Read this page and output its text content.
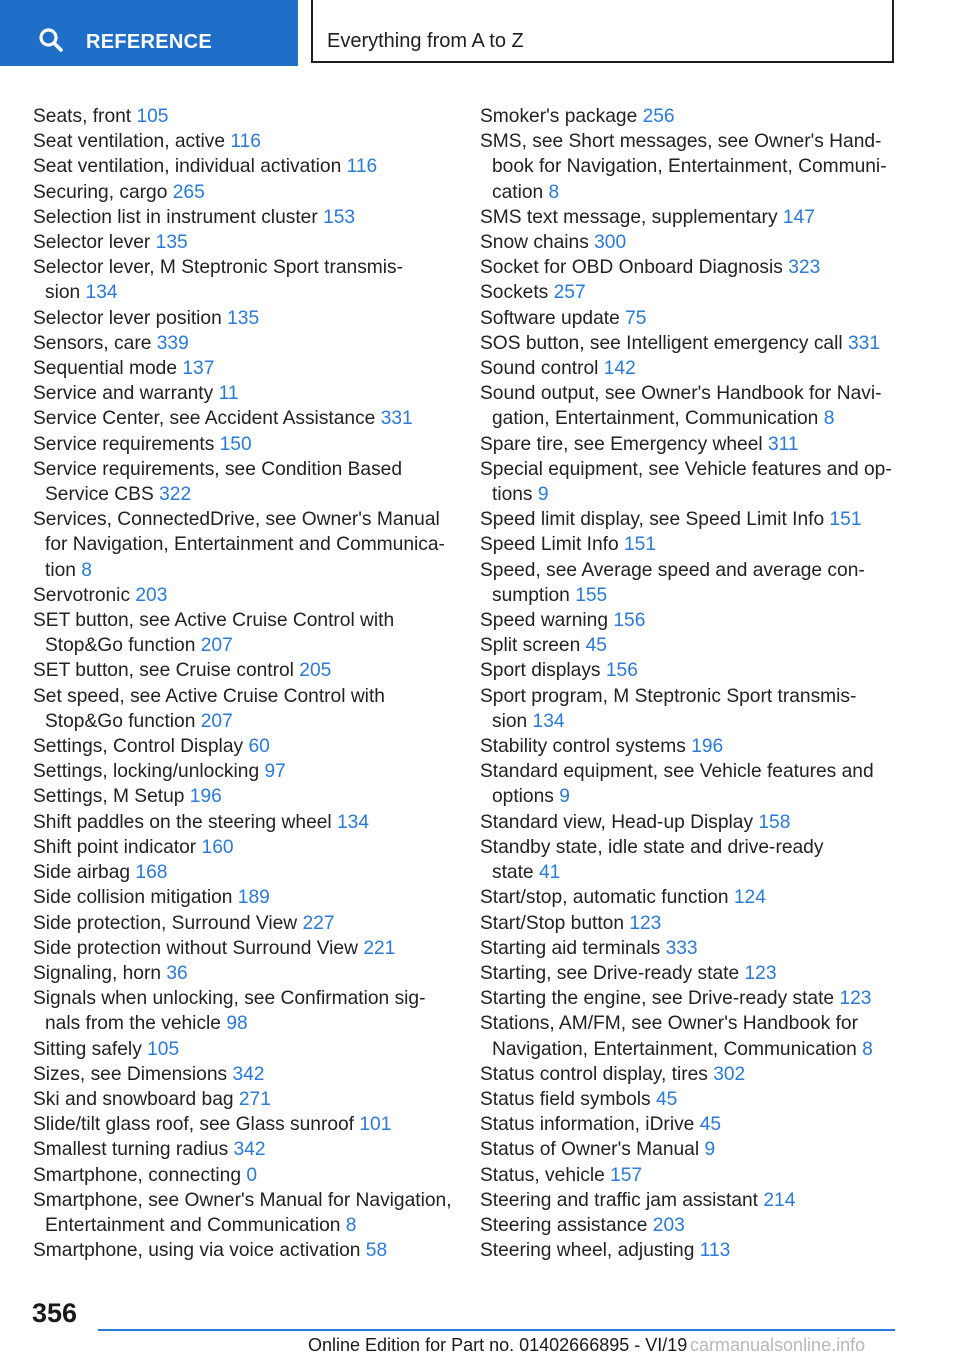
REFERENCE	Everything from A to Z
Seats, front 105
Seat ventilation, active 116
Seat ventilation, individual activation 116
Securing, cargo 265
Selection list in instrument cluster 153
Selector lever 135
Selector lever, M Steptronic Sport transmis-
sion 134
Selector lever position 135
Sensors, care 339
Sequential mode 137
Service and warranty 11
Service Center, see Accident Assistance 331
Service requirements 150
Service requirements, see Condition Based
Service CBS 322
Services, ConnectedDrive, see Owner's Manual
for Navigation, Entertainment and Communica-
tion 8
Servotronic 203
SET button, see Active Cruise Control with
Stop&Go function 207
SET button, see Cruise control 205
Set speed, see Active Cruise Control with
Stop&Go function 207
Settings, Control Display 60
Settings, locking/unlocking 97
Settings, M Setup 196
Shift paddles on the steering wheel 134
Shift point indicator 160
Side airbag 168
Side collision mitigation 189
Side protection, Surround View 227
Side protection without Surround View 221
Signaling, horn 36
Signals when unlocking, see Confirmation sig-
nals from the vehicle 98
Sitting safely 105
Sizes, see Dimensions 342
Ski and snowboard bag 271
Slide/tilt glass roof, see Glass sunroof 101
Smallest turning radius 342
Smartphone, connecting 0
Smartphone, see Owner's Manual for Navigation,
Entertainment and Communication 8
Smartphone, using via voice activation 58
Smoker's package 256
SMS, see Short messages, see Owner's Hand-
book for Navigation, Entertainment, Communi-
cation 8
SMS text message, supplementary 147
Snow chains 300
Socket for OBD Onboard Diagnosis 323
Sockets 257
Software update 75
SOS button, see Intelligent emergency call 331
Sound control 142
Sound output, see Owner's Handbook for Navi-
gation, Entertainment, Communication 8
Spare tire, see Emergency wheel 311
Special equipment, see Vehicle features and op-
tions 9
Speed limit display, see Speed Limit Info 151
Speed Limit Info 151
Speed, see Average speed and average con-
sumption 155
Speed warning 156
Split screen 45
Sport displays 156
Sport program, M Steptronic Sport transmis-
sion 134
Stability control systems 196
Standard equipment, see Vehicle features and
options 9
Standard view, Head-up Display 158
Standby state, idle state and drive-ready
state 41
Start/stop, automatic function 124
Start/Stop button 123
Starting aid terminals 333
Starting, see Drive-ready state 123
Starting the engine, see Drive-ready state 123
Stations, AM/FM, see Owner's Handbook for
Navigation, Entertainment, Communication 8
Status control display, tires 302
Status field symbols 45
Status information, iDrive 45
Status of Owner's Manual 9
Status, vehicle 157
Steering and traffic jam assistant 214
Steering assistance 203
Steering wheel, adjusting 113
356
Online Edition for Part no. 01402666895 - VI/19 carmanualsonline.info
